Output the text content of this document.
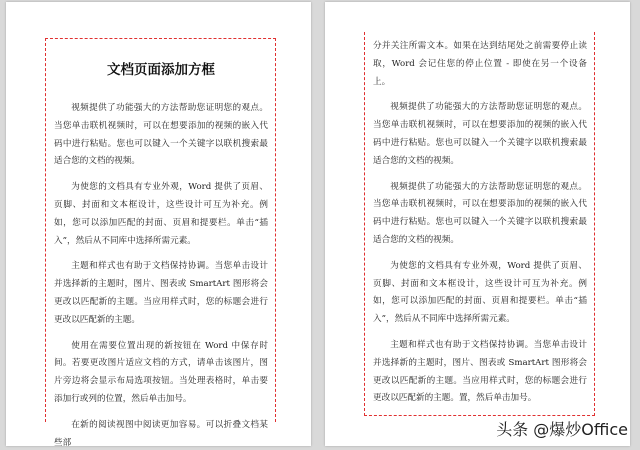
文档页面添加方框

视频提供了功能强大的方法帮助您证明您的观点。当您单击联机视频时，可以在想要添加的视频的嵌入代码中进行粘贴。您也可以键入一个关键字以联机搜索最适合您的文档的视频。

为使您的文档具有专业外观，Word 提供了页眉、页脚、封面和文本框设计，这些设计可互为补充。例如，您可以添加匹配的封面、页眉和提要栏。单击“插入”，然后从不同库中选择所需元素。

主题和样式也有助于文档保持协调。当您单击设计并选择新的主题时，图片、图表或 SmartArt 图形将会更改以匹配新的主题。当应用样式时，您的标题会进行更改以匹配新的主题。

使用在需要位置出现的新按钮在 Word 中保存时间。若要更改图片适应文档的方式，请单击该图片，图片旁边将会显示布局选项按钮。当处理表格时，单击要添加行或列的位置，然后单击加号。

在新的阅读视图中阅读更加容易。可以折叠文档某些部

分并关注所需文本。如果在达到结尾处之前需要停止读取，Word 会记住您的停止位置 - 即使在另一个设备上。

视频提供了功能强大的方法帮助您证明您的观点。当您单击联机视频时，可以在想要添加的视频的嵌入代码中进行粘贴。您也可以键入一个关键字以联机搜索最适合您的文档的视频。

视频提供了功能强大的方法帮助您证明您的观点。当您单击联机视频时，可以在想要添加的视频的嵌入代码中进行粘贴。您也可以键入一个关键字以联机搜索最适合您的文档的视频。

为使您的文档具有专业外观，Word 提供了页眉、页脚、封面和文本框设计，这些设计可互为补充。例如，您可以添加匹配的封面、页眉和提要栏。单击“插入”，然后从不同库中选择所需元素。

主题和样式也有助于文档保持协调。当您单击设计并选择新的主题时，图片、图表或 SmartArt 图形将会更改以匹配新的主题。当应用样式时，您的标题会进行更改以匹配新的主题。置，然后单击加号。

头条 @爆炒Office
